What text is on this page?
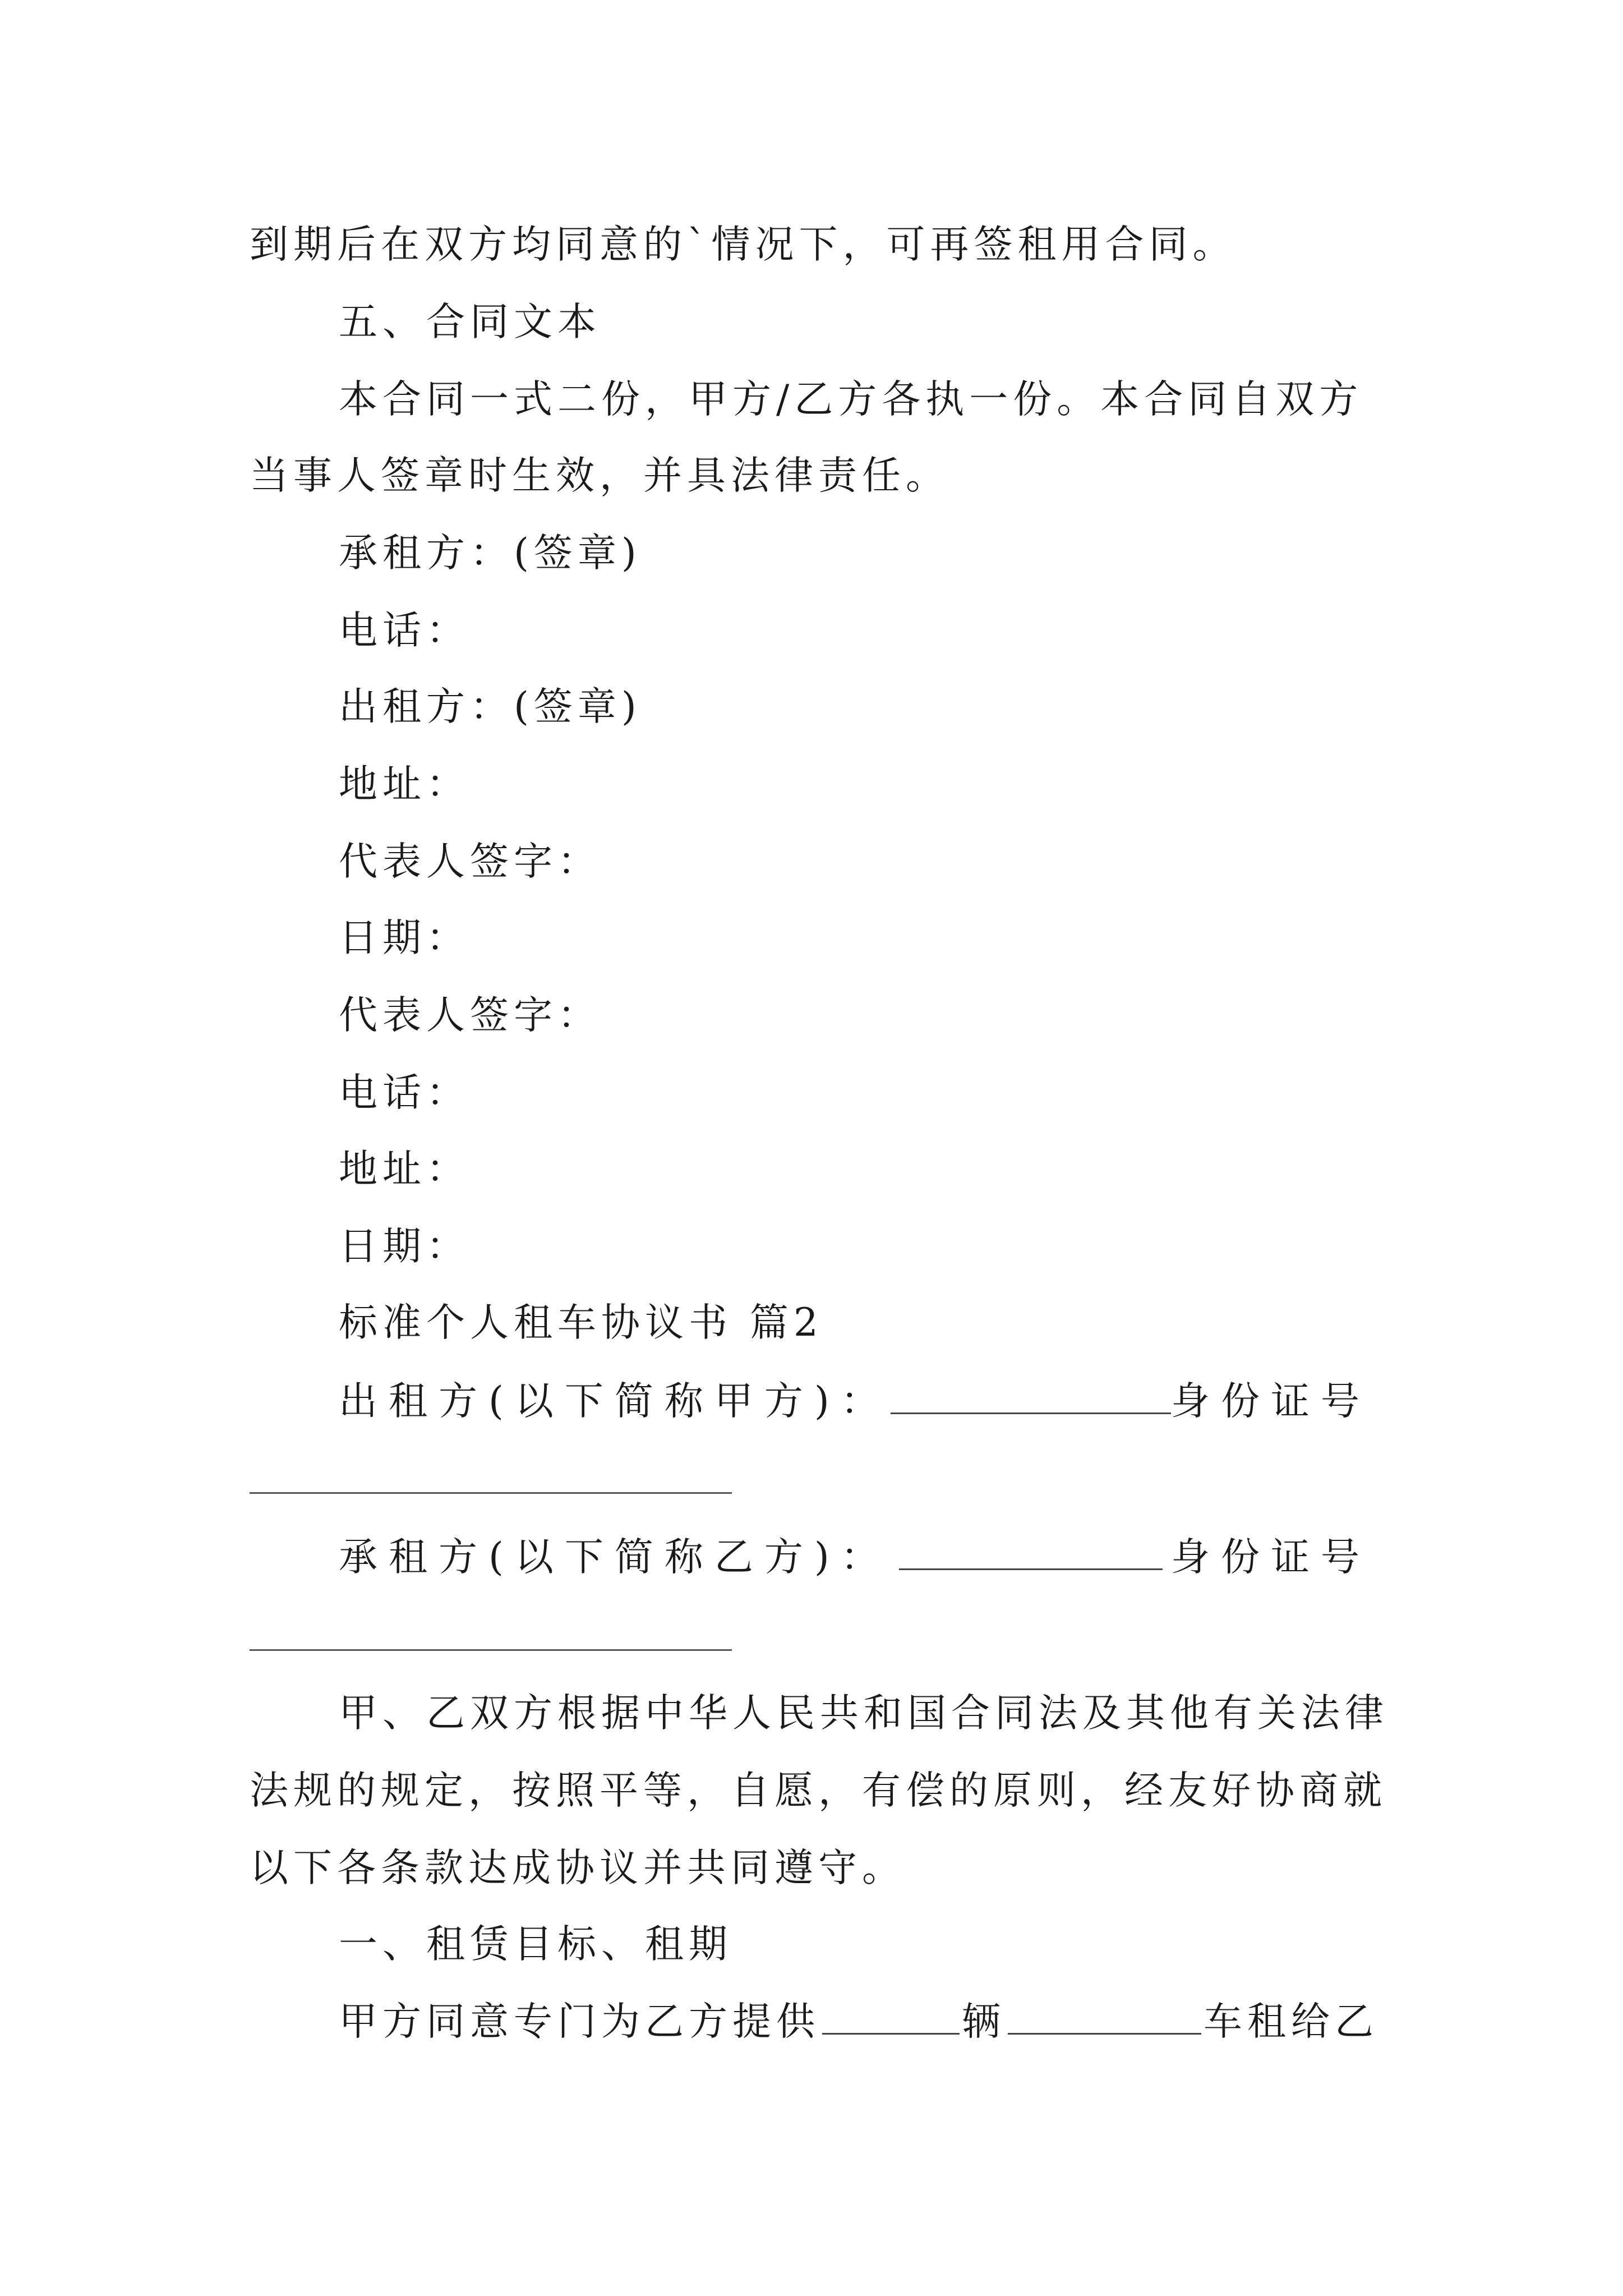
到期后在双方均同意的`情况下，可再签租用合同。

五、合同文本

本合同一式二份，甲方/乙方各执一份。本合同自双方

当事人签章时生效，并具法律责任。

承租方：(签章)

电话：

出租方：(签章)

地址：

代表人签字：

日期：

代表人签字：

电话：

地址：

日期：

标准个人租车协议书 篇2

出租方(以下简称甲方)：	身份证号
承租方(以下简称乙方)：	身份证号

甲、乙双方根据中华人民共和国合同法及其他有关法律

法规的规定，按照平等，自愿，有偿的原则，经友好协商就

以下各条款达成协议并共同遵守。

一、租赁目标、租期

甲方同意专门为乙方提供	辆	车租给乙
